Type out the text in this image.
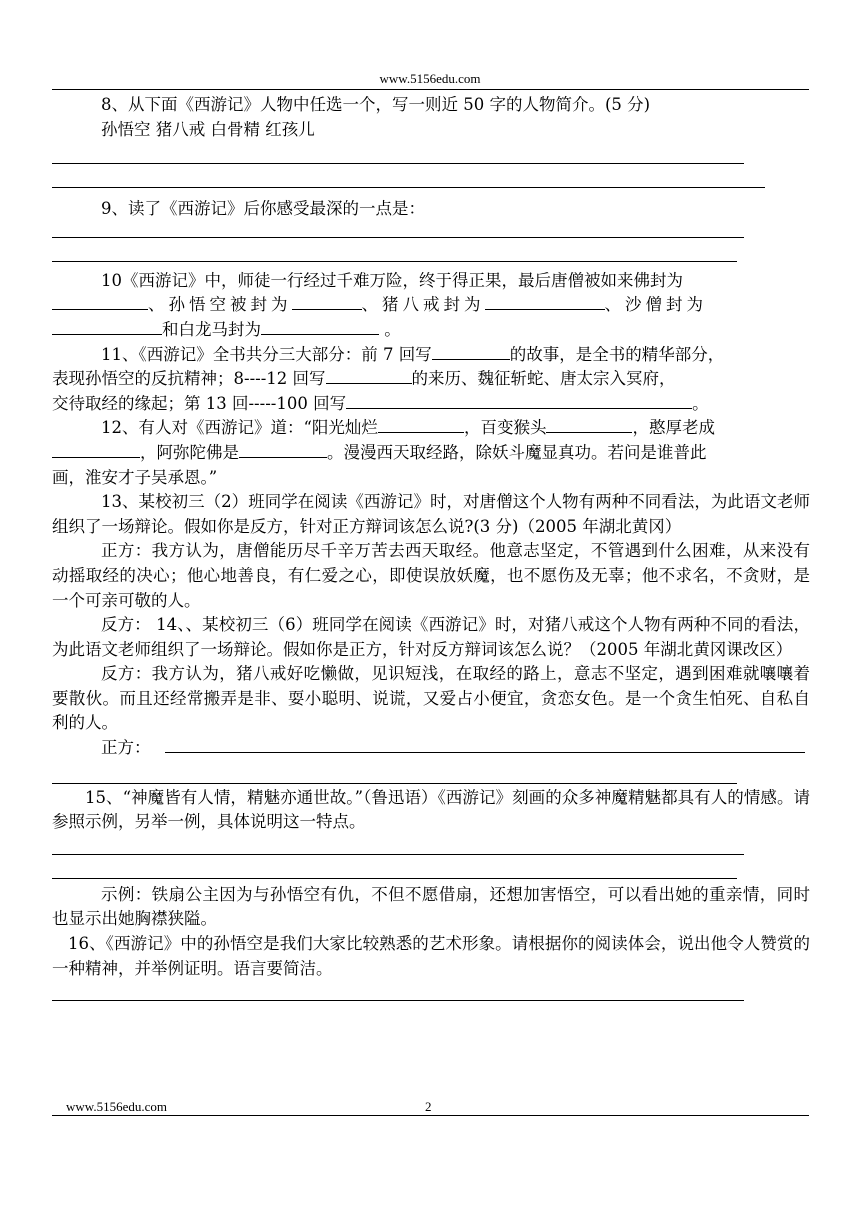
www.5156edu.com

8、从下面《西游记》人物中任选一个，写一则近 50 字的人物简介。(5 分)

孙悟空 猪八戒 白骨精 红孩儿

9、读了《西游记》后你感受最深的一点是：

10《西游记》中，师徒一行经过千难万险，终于得正果，最后唐僧被如来佛封为
、孙悟空被封为	、猪八戒封为	、沙僧封为
和白龙马封为	。

11、《西游记》全书共分三大部分：前 7 回写	的故事，是全书的精华部分，

表现孙悟空的反抗精神；8----12 回写	的来历、魏征斩蛇、唐太宗入冥府，

交待取经的缘起；第 13 回-----100 回写	。

12、有人对《西游记》道：“阳光灿烂	，百变猴头	，憨厚老成

，阿弥陀佛是	。漫漫西天取经路，除妖斗魔显真功。若问是谁普此

画，淮安才子吴承恩。”

13、某校初三（2）班同学在阅读《西游记》时，对唐僧这个人物有两种不同看法，为此语文老师组织了一场辩论。假如你是反方，针对正方辩词该怎么说?(3 分)（2005 年湖北黄冈）

正方：我方认为，唐僧能历尽千辛万苦去西天取经。他意志坚定，不管遇到什么困难，从来没有动摇取经的决心；他心地善良，有仁爱之心，即使误放妖魔，也不愿伤及无辜；他不求名，不贪财，是一个可亲可敬的人。

反方： 14、、某校初三（6）班同学在阅读《西游记》时，对猪八戒这个人物有两种不同的看法，为此语文老师组织了一场辩论。假如你是正方，针对反方辩词该怎么说？（2005 年湖北黄冈课改区）

反方：我方认为，猪八戒好吃懒做，见识短浅，在取经的路上，意志不坚定，遇到困难就嚷嚷着要散伙。而且还经常搬弄是非、耍小聪明、说谎，又爱占小便宜，贪恋女色。是一个贪生怕死、自私自利的人。

正方：

15、“神魔皆有人情，精魅亦通世故。”（鲁迅语）《西游记》刻画的众多神魔精魅都具有人的情感。请参照示例，另举一例，具体说明这一特点。

示例：铁扇公主因为与孙悟空有仇，不但不愿借扇，还想加害悟空，可以看出她的重亲情，同时也显示出她胸襟狭隘。

16、《西游记》中的孙悟空是我们大家比较熟悉的艺术形象。请根据你的阅读体会，说出他令人赞赏的一种精神，并举例证明。语言要简洁。

www.5156edu.com	2
